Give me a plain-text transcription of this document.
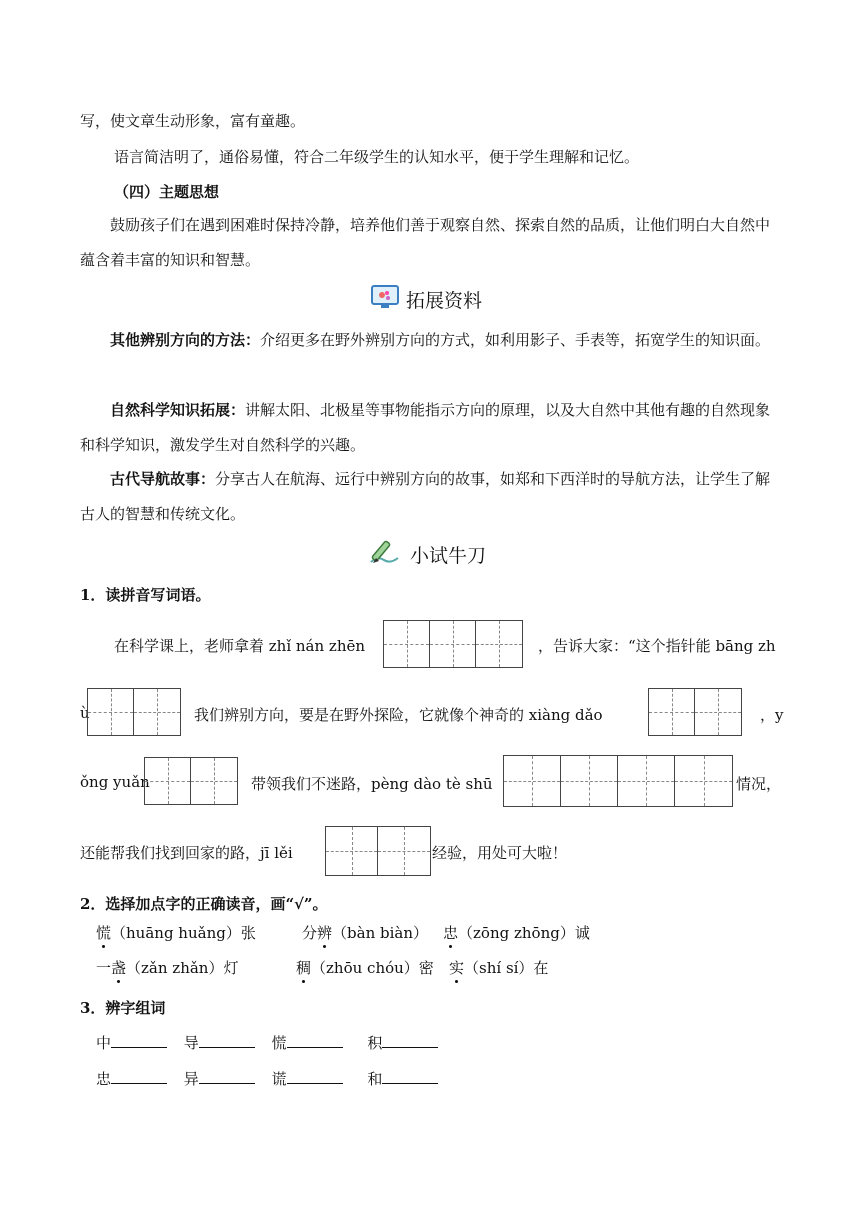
写，使文章生动形象，富有童趣。
语言简洁明了，通俗易懂，符合二年级学生的认知水平，便于学生理解和记忆。
（四）主题思想
鼓励孩子们在遇到困难时保持冷静，培养他们善于观察自然、探索自然的品质，让他们明白大自然中蕴含着丰富的知识和智慧。
拓展资料
其他辨别方向的方法：介绍更多在野外辨别方向的方式，如利用影子、手表等，拓宽学生的知识面。
自然科学知识拓展：讲解太阳、北极星等事物能指示方向的原理，以及大自然中其他有趣的自然现象和科学知识，激发学生对自然科学的兴趣。
古代导航故事：分享古人在航海、远行中辨别方向的故事，如郑和下西洋时的导航方法，让学生了解古人的智慧和传统文化。
小试牛刀
1．读拼音写词语。
在科学课上，老师拿着 zhǐ nán zhēn	，告诉大家：“这个指针能 bāng zh
ù	我们辨别方向，要是在野外探险，它就像个神奇的 xiàng dǎo	，y
ǒng yuǎn	带领我们不迷路，pèng dào tè shū	情况，
还能帮我们找到回家的路，jī lěi	经验，用处可大啦！
2．选择加点字的正确读音，画“√”。
慌（huāng huǎng）张	分辨（bàn biàn） 忠（zōng zhōng）诚
一盏（zǎn zhǎn）灯	稠（zhōu chóu）密 实（shí sí）在
3．辨字组词
中	导	慌	积
忠	异	谎	和
